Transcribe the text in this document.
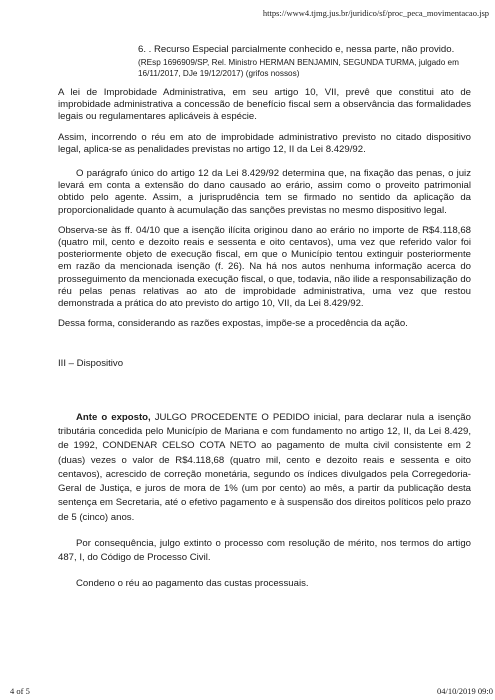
https://www4.tjmg.jus.br/juridico/sf/proc_peca_movimentacao.jsp

6. . Recurso Especial parcialmente conhecido e, nessa parte, não provido.

(REsp 1696909/SP, Rel. Ministro HERMAN BENJAMIN, SEGUNDA TURMA, julgado em 16/11/2017, DJe 19/12/2017) (grifos nossos)

A lei de Improbidade Administrativa, em seu artigo 10, VII, prevê que constitui ato de improbidade administrativa a concessão de benefício fiscal sem a observância das formalidades legais ou regulamentares aplicáveis à espécie.

Assim, incorrendo o réu em ato de improbidade administrativo previsto no citado dispositivo legal, aplica-se as penalidades previstas no artigo 12, II da Lei 8.429/92.

O parágrafo único do artigo 12 da Lei 8.429/92 determina que, na fixação das penas, o juiz levará em conta a extensão do dano causado ao erário, assim como o proveito patrimonial obtido pelo agente. Assim, a jurisprudência tem se firmado no sentido da aplicação da proporcionalidade quanto à acumulação das sanções previstas no mesmo dispositivo legal.

Observa-se às ff. 04/10 que a isenção ilícita originou dano ao erário no importe de R$4.118,68 (quatro mil, cento e dezoito reais e sessenta e oito centavos), uma vez que referido valor foi posteriormente objeto de execução fiscal, em que o Município tentou extinguir posteriormente em razão da mencionada isenção (f. 26). Na há nos autos nenhuma informação acerca do prosseguimento da mencionada execução fiscal, o que, todavia, não ilide a responsabilização do réu pelas penas relativas ao ato de improbidade administrativa, uma vez que restou demonstrada a prática do ato previsto do artigo 10, VII, da Lei 8.429/92.

Dessa forma, considerando as razões expostas, impõe-se a procedência da ação.

III – Dispositivo

Ante o exposto, JULGO PROCEDENTE O PEDIDO inicial, para declarar nula a isenção tributária concedida pelo Município de Mariana e com fundamento no artigo 12, II, da Lei 8.429, de 1992, CONDENAR CELSO COTA NETO ao pagamento de multa civil consistente em 2 (duas) vezes o valor de R$4.118,68 (quatro mil, cento e dezoito reais e sessenta e oito centavos), acrescido de correção monetária, segundo os índices divulgados pela Corregedoria-Geral de Justiça, e juros de mora de 1% (um por cento) ao mês, a partir da publicação desta sentença em Secretaria, até o efetivo pagamento e à suspensão dos direitos políticos pelo prazo de 5 (cinco) anos.

Por consequência, julgo extinto o processo com resolução de mérito, nos termos do artigo 487, I, do Código de Processo Civil.

Condeno o réu ao pagamento das custas processuais.

4 of 5	04/10/2019 09:0
